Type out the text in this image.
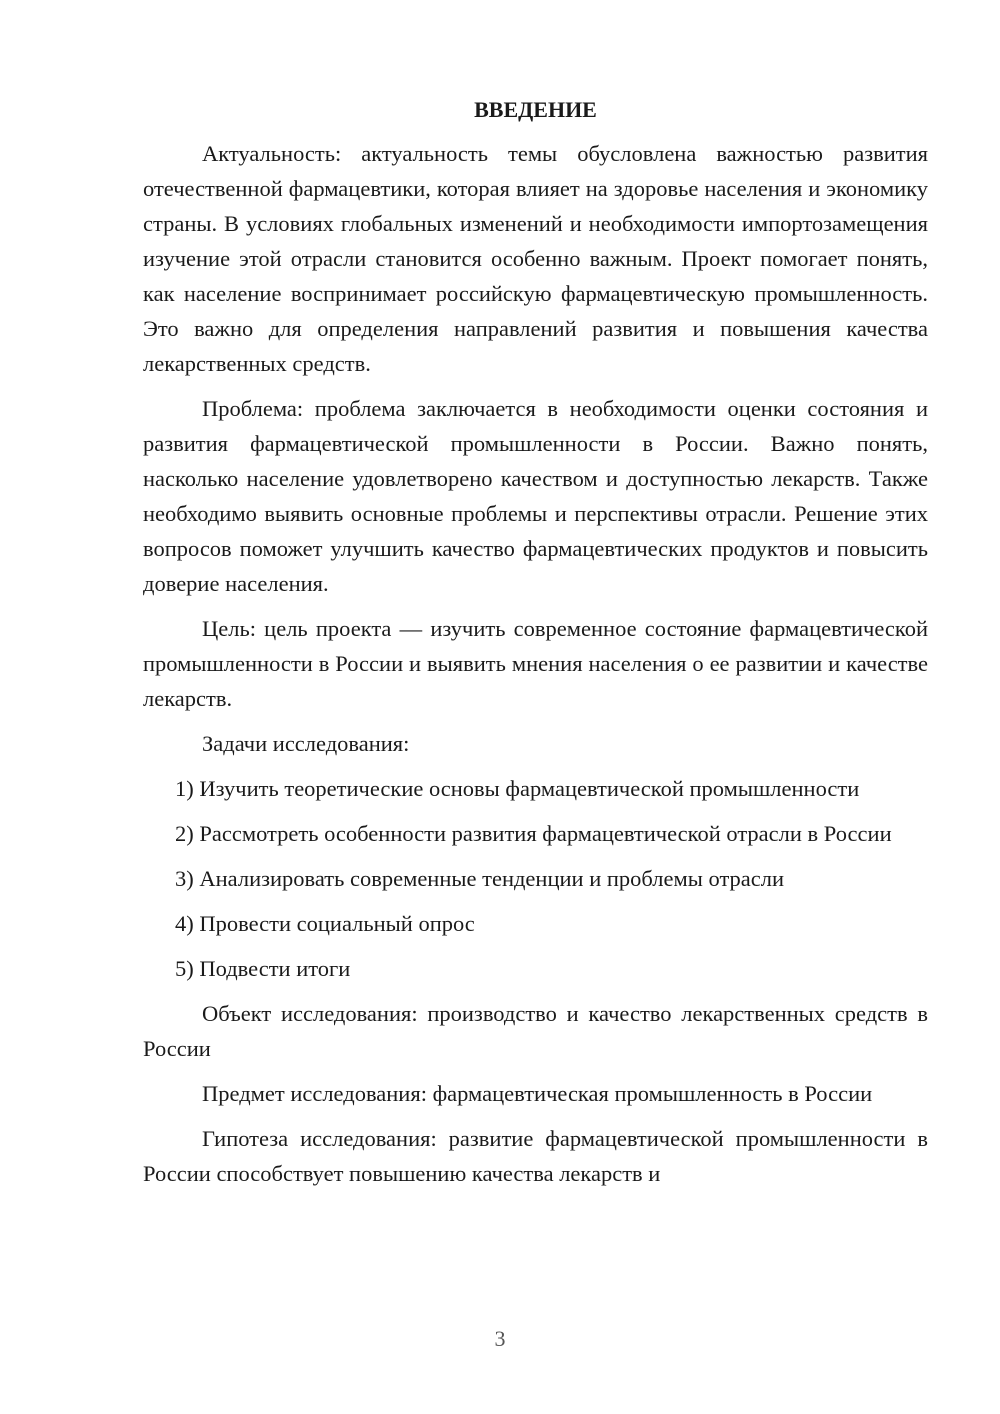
ВВЕДЕНИЕ

Актуальность: актуальность темы обусловлена важностью развития отечественной фармацевтики, которая влияет на здоровье населения и экономику страны. В условиях глобальных изменений и необходимости импортозамещения изучение этой отрасли становится особенно важным. Проект помогает понять, как население воспринимает российскую фармацевтическую промышленность. Это важно для определения направлений развития и повышения качества лекарственных средств.

Проблема: проблема заключается в необходимости оценки состояния и развития фармацевтической промышленности в России. Важно понять, насколько население удовлетворено качеством и доступностью лекарств. Также необходимо выявить основные проблемы и перспективы отрасли. Решение этих вопросов поможет улучшить качество фармацевтических продуктов и повысить доверие населения.

Цель: цель проекта — изучить современное состояние фармацевтической промышленности в России и выявить мнения населения о ее развитии и качестве лекарств.

Задачи исследования:

1) Изучить теоретические основы фармацевтической промышленности

2) Рассмотреть особенности развития фармацевтической отрасли в России

3) Анализировать современные тенденции и проблемы отрасли

4) Провести социальный опрос

5) Подвести итоги

Объект исследования: производство и качество лекарственных средств в России

Предмет исследования: фармацевтическая промышленность в России

Гипотеза исследования: развитие фармацевтической промышленности в России способствует повышению качества лекарств и

3
